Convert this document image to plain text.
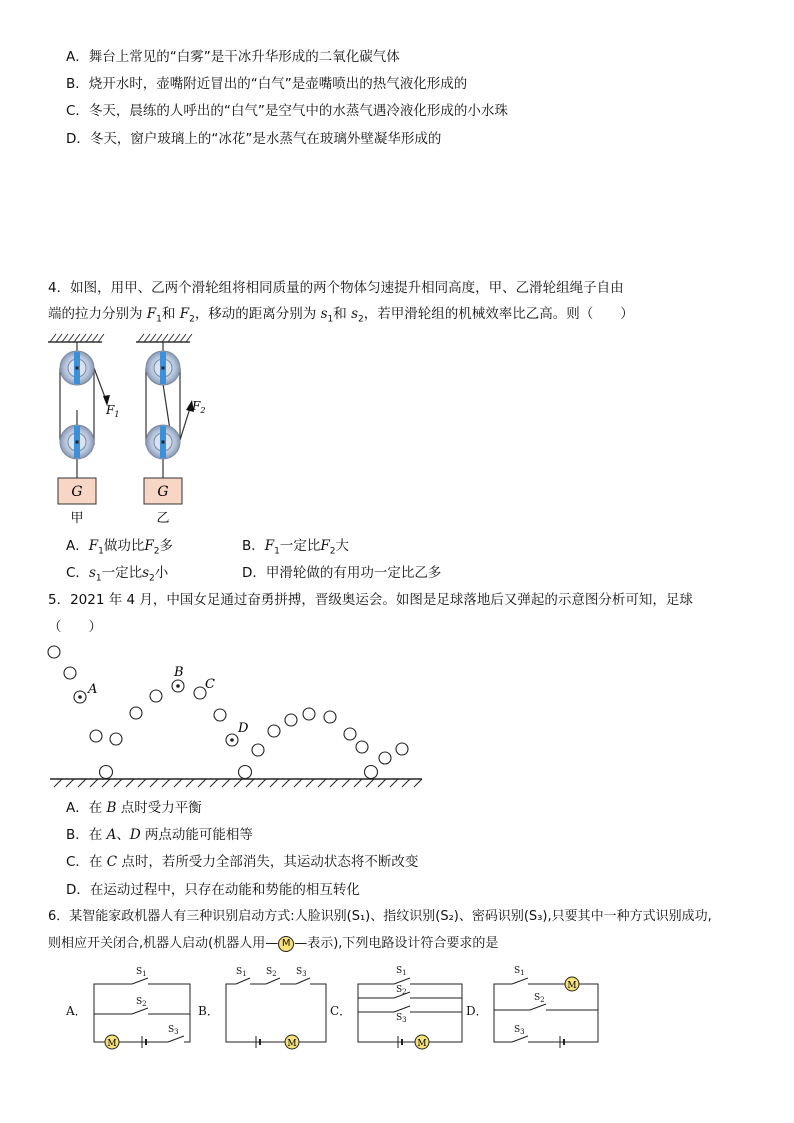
A．舞台上常见的“白雾”是干冰升华形成的二氧化碳气体
B．烧开水时，壶嘴附近冒出的“白气”是壶嘴喷出的热气液化形成的
C．冬天，晨练的人呼出的“白气”是空气中的水蒸气遇冷液化形成的小水珠
D．冬天，窗户玻璃上的“冰花”是水蒸气在玻璃外壁凝华形成的
4．如图，用甲、乙两个滑轮组将相同质量的两个物体匀速提升相同高度，甲、乙滑轮组绳子自由
端的拉力分别为 $F_1$和 $F_2$，移动的距离分别为 $s_1$和 $s_2$，若甲滑轮组的机械效率比乙高。则（　　）
G
$F_1$
甲
G
$F_2$
乙
A．$F_1$做功比$F_2$多	B．$F_1$一定比$F_2$大
C．$s_1$一定比$s_2$小	D．甲滑轮做的有用功一定比乙多
5．2021 年 4 月，中国女足通过奋勇拼搏，晋级奥运会。如图是足球落地后又弹起的示意图分析可知，足球
（　　）
A
B
C
D
A．在 B 点时受力平衡
B．在 A、D 两点动能可能相等
C．在 C 点时，若所受力全部消失，其运动状态将不断改变
D．在运动过程中，只存在动能和势能的相互转化
6．某智能家政机器人有三种识别启动方式:人脸识别(S₁)、指纹识别(S₂)、密码识别(S₃),只要其中一种方式识别成功,
则相应开关闭合,机器人启动(机器人用— M —表示),下列电路设计符合要求的是
A．	B．	C．	D．
M
$S_1$
$S_2$
$S_3$
M
$S_1$ $S_2$ $S_3$
M
$S_1$
$S_2$
$S_3$
M
$S_1$
$S_2$
$S_3$
